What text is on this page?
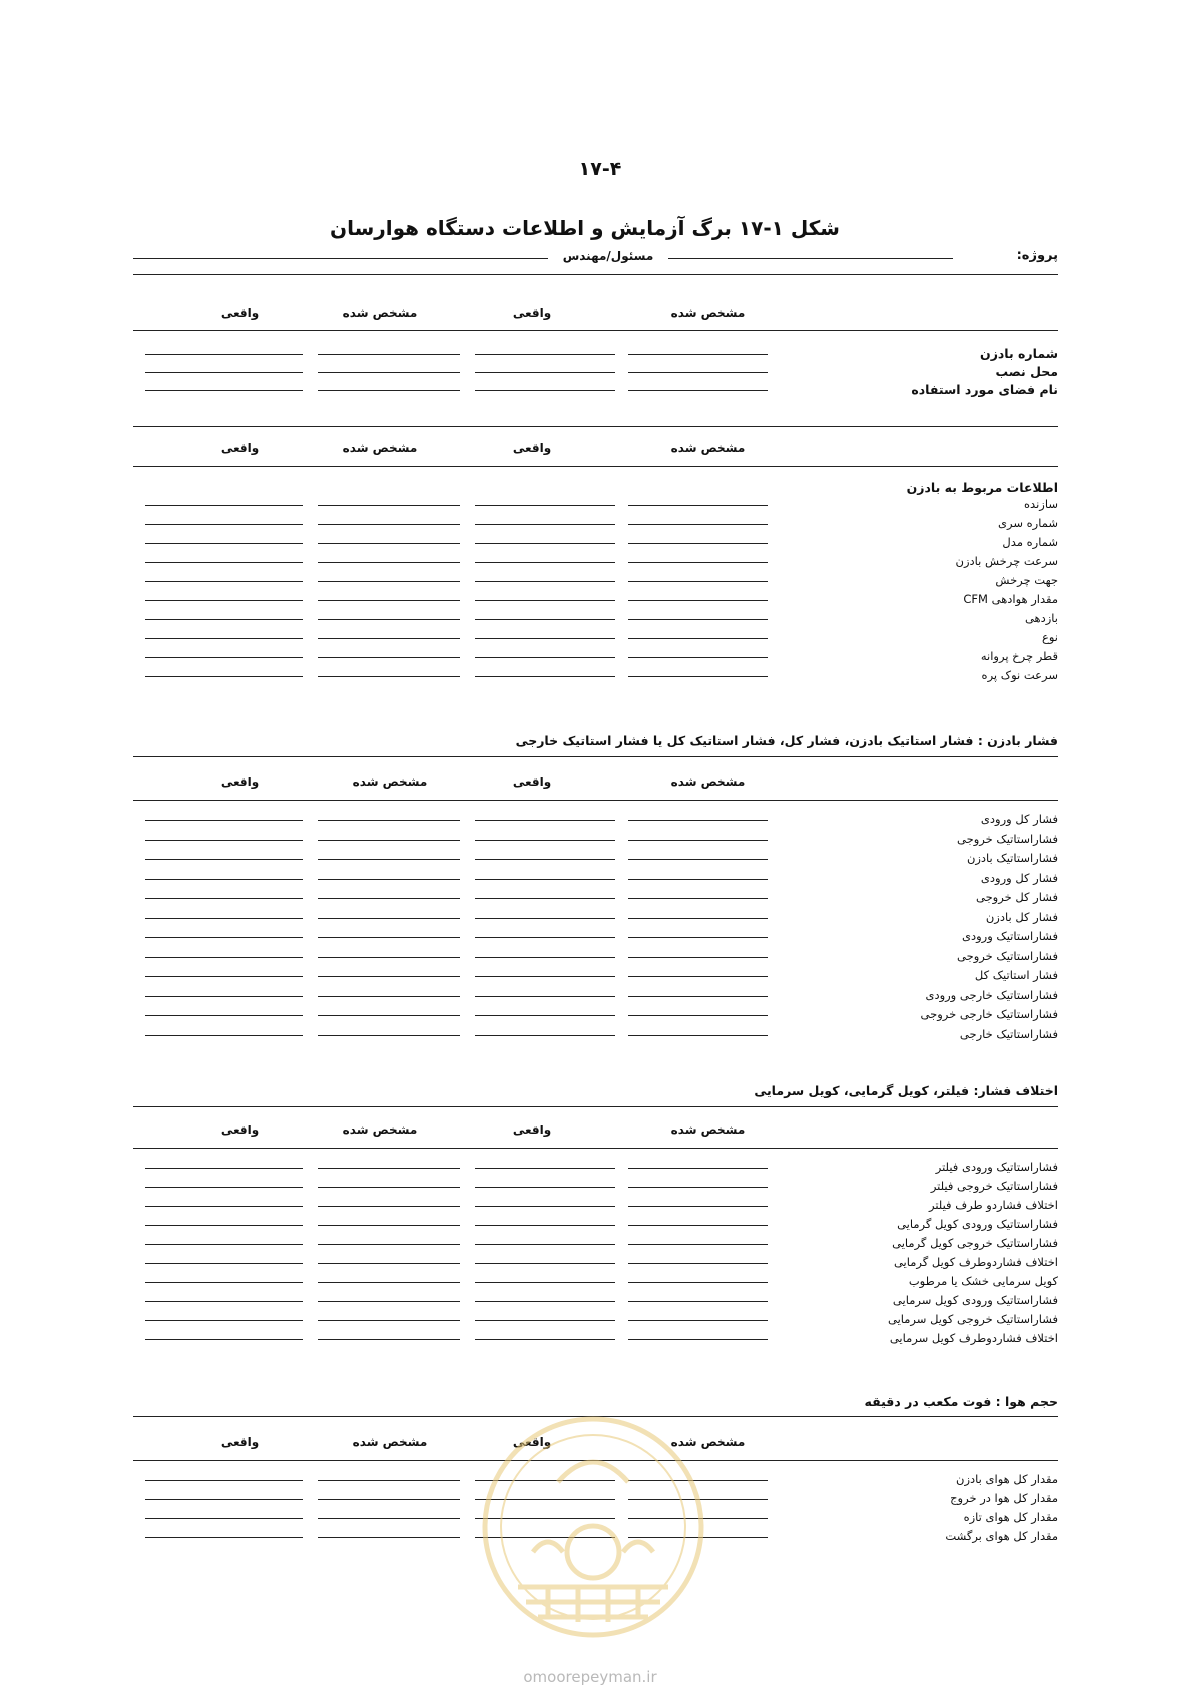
۱۷-۴
شکل ۱-۱۷ برگ آزمایش و اطلاعات دستگاه هوارسان
مسئول/مهندس	پروژه:
واقعی	مشخص شده	واقعی	مشخص شده
شماره بادزن
محل نصب
نام فضای مورد استفاده
واقعی	مشخص شده	واقعی	مشخص شده
اطلاعات مربوط به بادزن
سازنده
شماره سری
شماره مدل
سرعت چرخش بادزن
جهت چرخش
مقدار هوادهی CFM
بازدهی
نوع
قطر چرخ پروانه
سرعت نوک پره
فشار بادزن : فشار استاتیک بادزن، فشار کل، فشار استاتیک کل یا فشار استاتیک خارجی
واقعی	مشخص شده	واقعی	مشخص شده
فشار کل ورودی
فشاراستاتیک خروجی
فشاراستاتیک بادزن
فشار کل ورودی
فشار کل خروجی
فشار کل بادزن
فشاراستاتیک ورودی
فشاراستاتیک خروجی
فشار استاتیک کل
فشاراستاتیک خارجی ورودی
فشاراستاتیک خارجی خروجی
فشاراستاتیک خارجی
اختلاف فشار: فیلتر، کویل گرمایی، کویل سرمایی
واقعی	مشخص شده	واقعی	مشخص شده
فشاراستاتیک ورودی فیلتر
فشاراستاتیک خروجی فیلتر
اختلاف فشاردو طرف فیلتر
فشاراستاتیک ورودی کویل گرمایی
فشاراستاتیک خروجی کویل گرمایی
اختلاف فشاردوطرف کویل گرمایی
کویل سرمایی خشک یا مرطوب
فشاراستاتیک ورودی کویل سرمایی
فشاراستاتیک خروجی کویل سرمایی
اختلاف فشاردوطرف کویل سرمایی
حجم هوا : فوت مکعب در دقیقه
واقعی	مشخص شده	واقعی	مشخص شده
مقدار کل هوای بادزن
مقدار کل هوا در خروج
مقدار کل هوای تازه
مقدار کل هوای برگشت
omoorepeyman.ir
